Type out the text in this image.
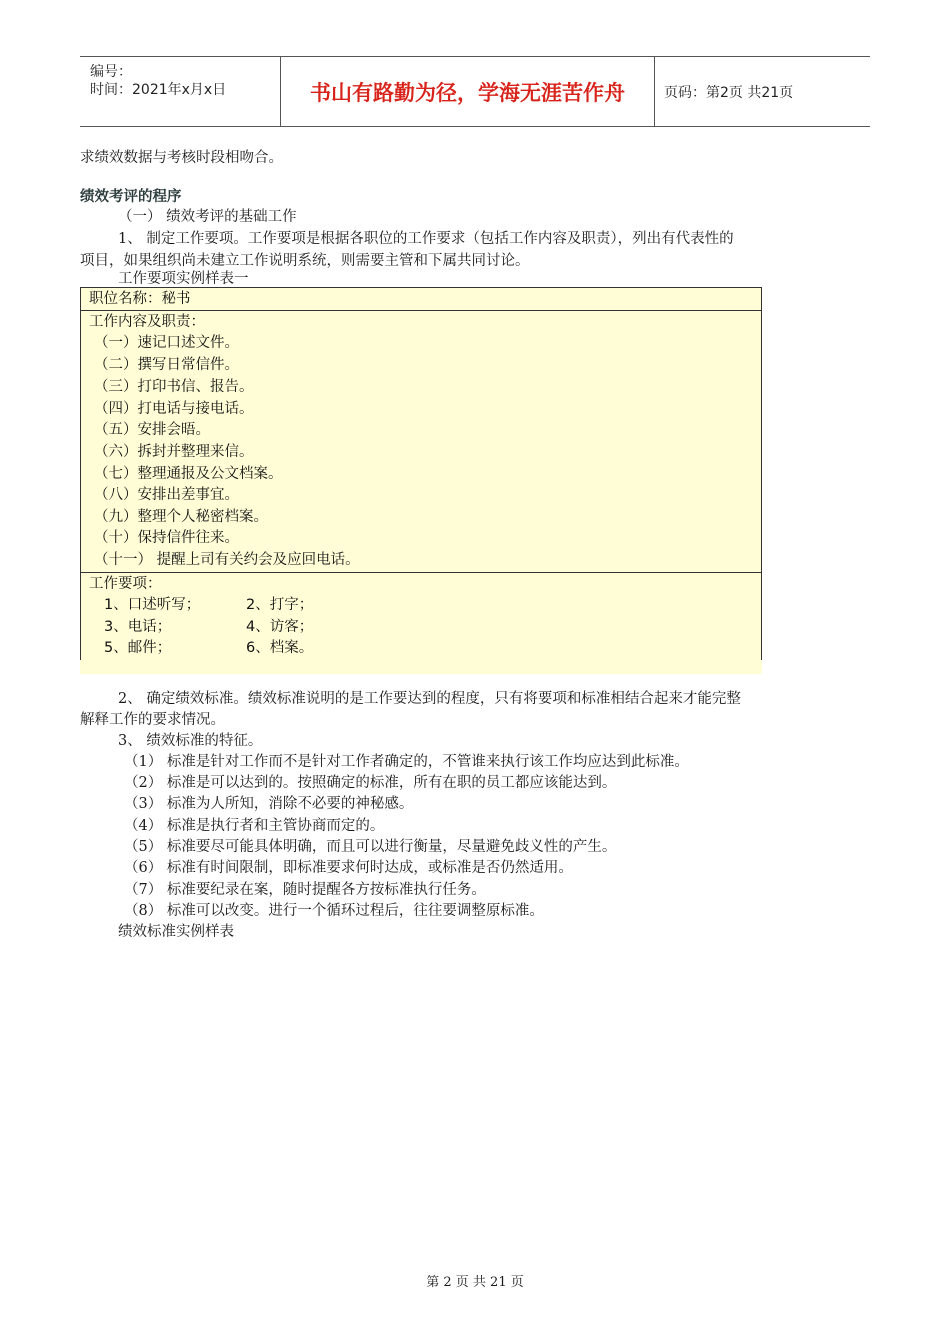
编号：
时间：2021年x月x日	书山有路勤为径，学海无涯苦作舟	页码：第2页 共21页
求绩效数据与考核时段相吻合。
绩效考评的程序
（一） 绩效考评的基础工作
1、 制定工作要项。工作要项是根据各职位的工作要求（包括工作内容及职责），列出有代表性的
项目，如果组织尚未建立工作说明系统，则需要主管和下属共同讨论。
工作要项实例样表一
职位名称：秘书
工作内容及职责：
（一）速记口述文件。
（二）撰写日常信件。
（三）打印书信、报告。
（四）打电话与接电话。
（五）安排会晤。
（六）拆封并整理来信。
（七）整理通报及公文档案。
（八）安排出差事宜。
（九）整理个人秘密档案。
（十）保持信件往来。
（十一） 提醒上司有关约会及应回电话。
工作要项：
1、口述听写；
3、电话；
5、邮件；
2、打字；
4、访客；
6、档案。
2、 确定绩效标准。绩效标准说明的是工作要达到的程度，只有将要项和标准相结合起来才能完整
解释工作的要求情况。
3、 绩效标准的特征。
（1） 标准是针对工作而不是针对工作者确定的，不管谁来执行该工作均应达到此标准。
（2） 标准是可以达到的。按照确定的标准，所有在职的员工都应该能达到。
（3） 标准为人所知，消除不必要的神秘感。
（4） 标准是执行者和主管协商而定的。
（5） 标准要尽可能具体明确，而且可以进行衡量，尽量避免歧义性的产生。
（6） 标准有时间限制，即标准要求何时达成，或标准是否仍然适用。
（7） 标准要纪录在案，随时提醒各方按标准执行任务。
（8） 标准可以改变。进行一个循环过程后，往往要调整原标准。
绩效标准实例样表
第 2 页 共 21 页
